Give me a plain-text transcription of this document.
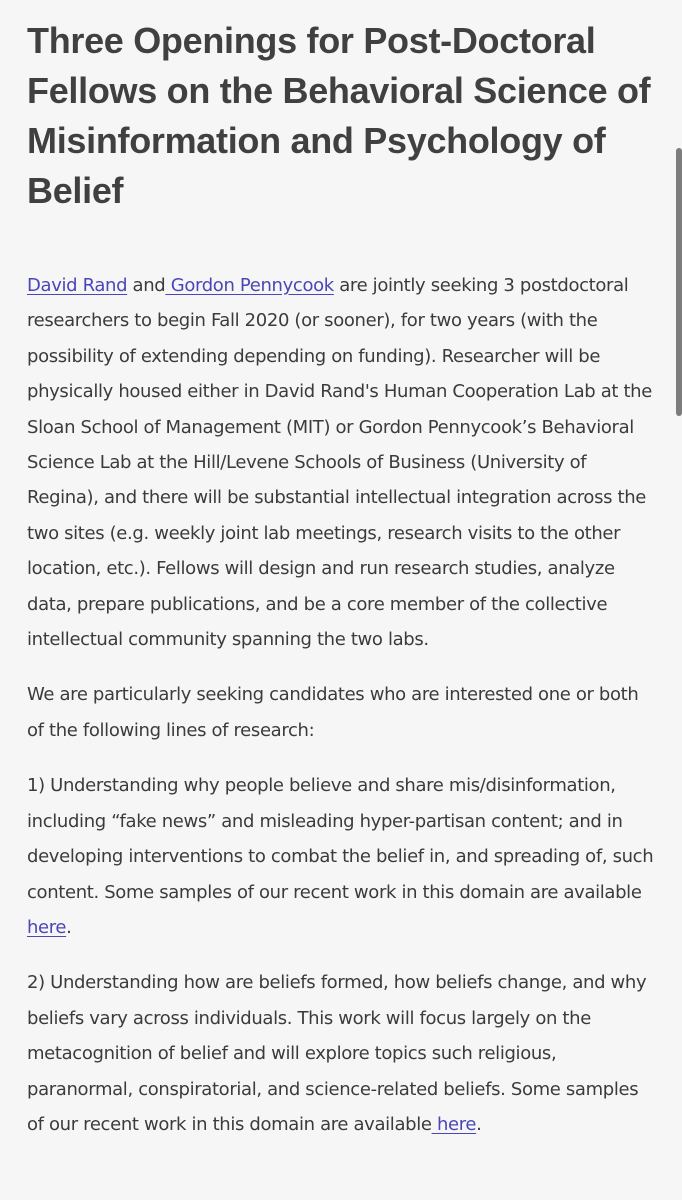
Three Openings for Post-Doctoral Fellows on the Behavioral Science of Misinformation and Psychology of Belief

David Rand and Gordon Pennycook are jointly seeking 3 postdoctoral researchers to begin Fall 2020 (or sooner), for two years (with the possibility of extending depending on funding). Researcher will be physically housed either in David Rand's Human Cooperation Lab at the Sloan School of Management (MIT) or Gordon Pennycook’s Behavioral Science Lab at the Hill/Levene Schools of Business (University of Regina), and there will be substantial intellectual integration across the two sites (e.g. weekly joint lab meetings, research visits to the other location, etc.). Fellows will design and run research studies, analyze data, prepare publications, and be a core member of the collective intellectual community spanning the two labs.

We are particularly seeking candidates who are interested one or both of the following lines of research:

1) Understanding why people believe and share mis/disinformation, including “fake news” and misleading hyper-partisan content; and in developing interventions to combat the belief in, and spreading of, such content. Some samples of our recent work in this domain are available here.

2) Understanding how are beliefs formed, how beliefs change, and why beliefs vary across individuals. This work will focus largely on the metacognition of belief and will explore topics such religious, paranormal, conspiratorial, and science-related beliefs. Some samples of our recent work in this domain are available here.
